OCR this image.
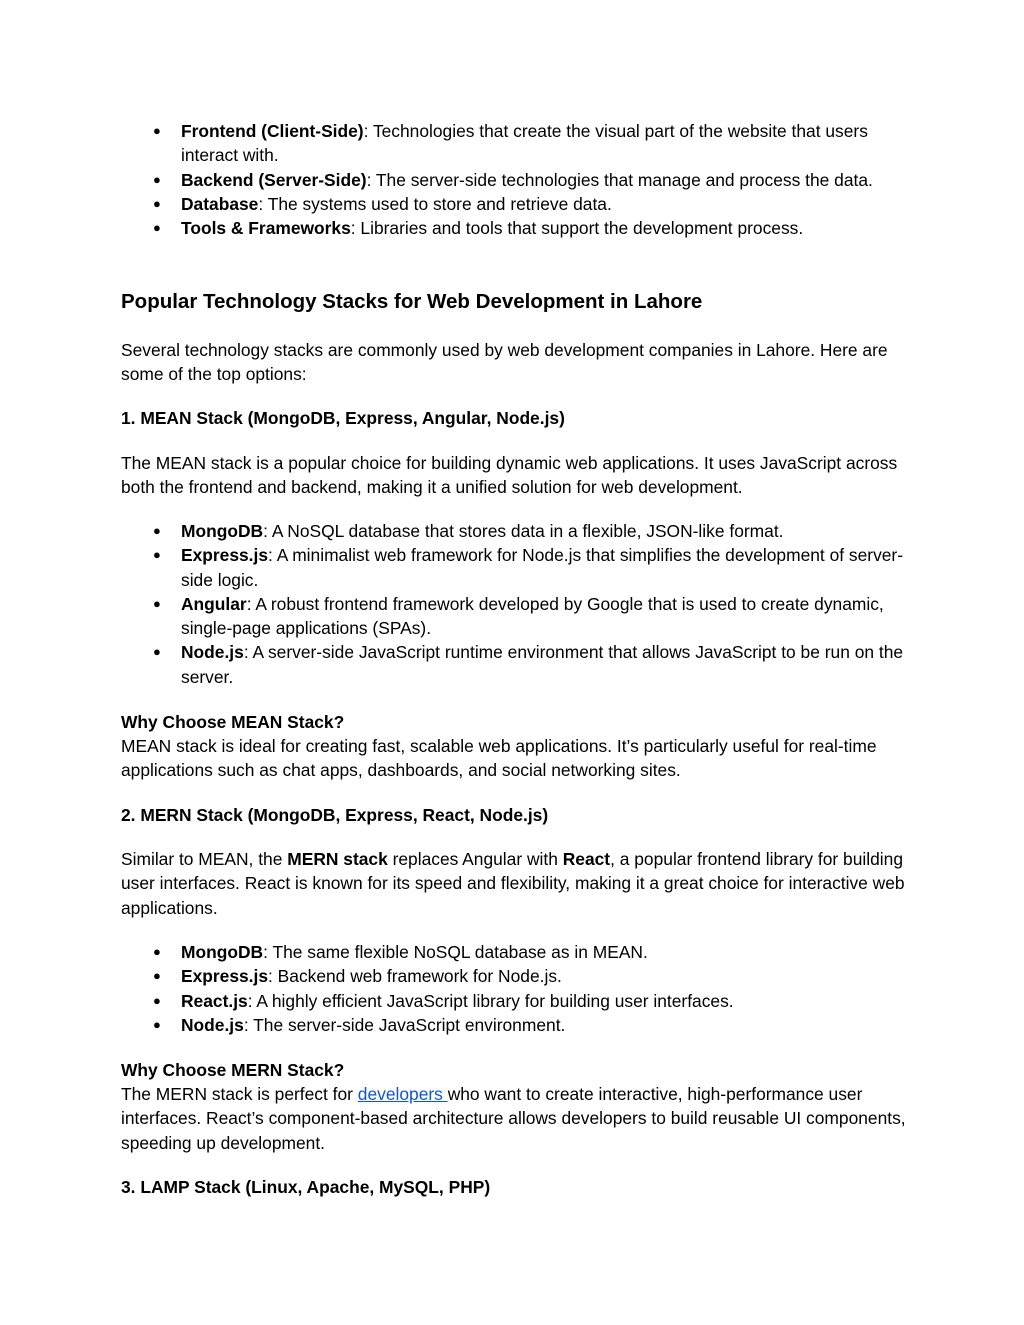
● Frontend (Client-Side): Technologies that create the visual part of the website that users interact with.
● Backend (Server-Side): The server-side technologies that manage and process the data.
● Database: The systems used to store and retrieve data.
● Tools & Frameworks: Libraries and tools that support the development process.
Popular Technology Stacks for Web Development in Lahore
Several technology stacks are commonly used by web development companies in Lahore. Here are some of the top options:
1. MEAN Stack (MongoDB, Express, Angular, Node.js)
The MEAN stack is a popular choice for building dynamic web applications. It uses JavaScript across both the frontend and backend, making it a unified solution for web development.
● MongoDB: A NoSQL database that stores data in a flexible, JSON-like format.
● Express.js: A minimalist web framework for Node.js that simplifies the development of server-side logic.
● Angular: A robust frontend framework developed by Google that is used to create dynamic, single-page applications (SPAs).
● Node.js: A server-side JavaScript runtime environment that allows JavaScript to be run on the server.
Why Choose MEAN Stack?
MEAN stack is ideal for creating fast, scalable web applications. It’s particularly useful for real-time applications such as chat apps, dashboards, and social networking sites.
2. MERN Stack (MongoDB, Express, React, Node.js)
Similar to MEAN, the MERN stack replaces Angular with React, a popular frontend library for building user interfaces. React is known for its speed and flexibility, making it a great choice for interactive web applications.
● MongoDB: The same flexible NoSQL database as in MEAN.
● Express.js: Backend web framework for Node.js.
● React.js: A highly efficient JavaScript library for building user interfaces.
● Node.js: The server-side JavaScript environment.
Why Choose MERN Stack?
The MERN stack is perfect for developers who want to create interactive, high-performance user interfaces. React’s component-based architecture allows developers to build reusable UI components, speeding up development.
3. LAMP Stack (Linux, Apache, MySQL, PHP)
